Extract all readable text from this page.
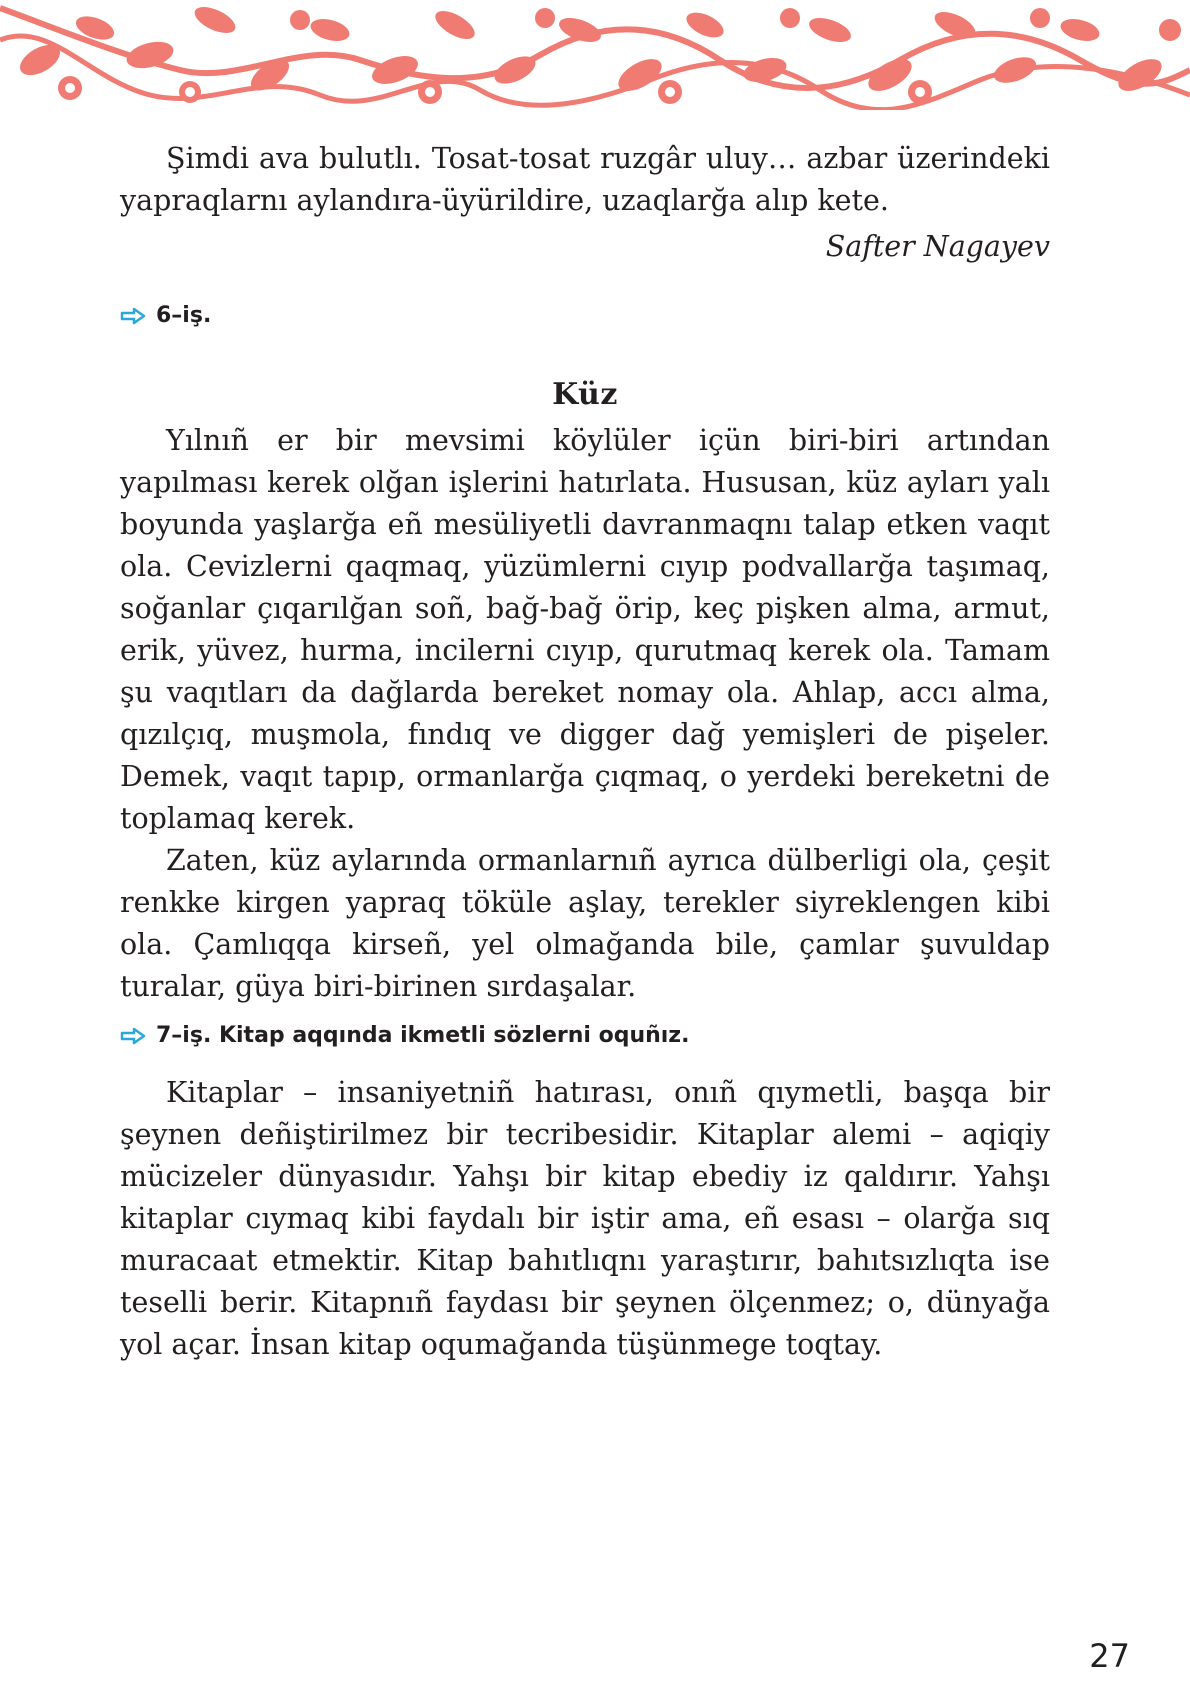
Şimdi ava bulutlı. Tosat-tosat ruzgâr uluy… azbar üzerindeki yapraqlarnı aylandıra-üyürildire, uzaqlarğa alıp kete.

Safter Nagayev

6–iş.
Küz

Yılnıñ er bir mevsimi köylüler içün biri-biri artından yapılması kerek olğan işlerini hatırlata. Hususan, küz ayları yalı boyunda yaşlarğa eñ mesüliyetli davranmaqnı talap etken vaqıt ola. Cevizlerni qaqmaq, yüzümlerni cıyıp podvallarğa taşımaq, soğanlar çıqarılğan soñ, bağ-bağ örip, keç pişken alma, armut, erik, yüvez, hurma, incilerni cıyıp, qurutmaq kerek ola. Tamam şu vaqıtları da dağlarda bereket nomay ola. Ahlap, accı alma, qızılçıq, muşmola, fındıq ve digger dağ yemişleri de pişeler. Demek, vaqıt tapıp, ormanlarğa çıqmaq, o yerdeki bereketni de toplamaq kerek.

Zaten, küz aylarında ormanlarnıñ ayrıca dülberligi ola, çeşit renkke kirgen yapraq töküle aşlay, terekler siyreklengen kibi ola. Çamlıqqa kirseñ, yel olmağanda bile, çamlar şuvuldap turalar, güya biri-birinen sırdaşalar.

7–iş. Kitap aqqında ikmetli sözlerni oquñız.

Kitaplar – insaniyetniñ hatırası, onıñ qıymetli, başqa bir şeynen deñiştirilmez bir tecribesidir. Kitaplar alemi – aqiqiy mücizeler dünyasıdır. Yahşı bir kitap ebediy iz qaldırır. Yahşı kitaplar cıymaq kibi faydalı bir iştir ama, eñ esası – olarğa sıq muracaat etmektir. Kitap bahıtlıqnı yaraştırır, bahıtsızlıqta ise teselli berir. Kitapnıñ faydası bir şeynen ölçenmez; o, dünyağa yol açar. İnsan kitap oqumağanda tüşünmege toqtay.

27
